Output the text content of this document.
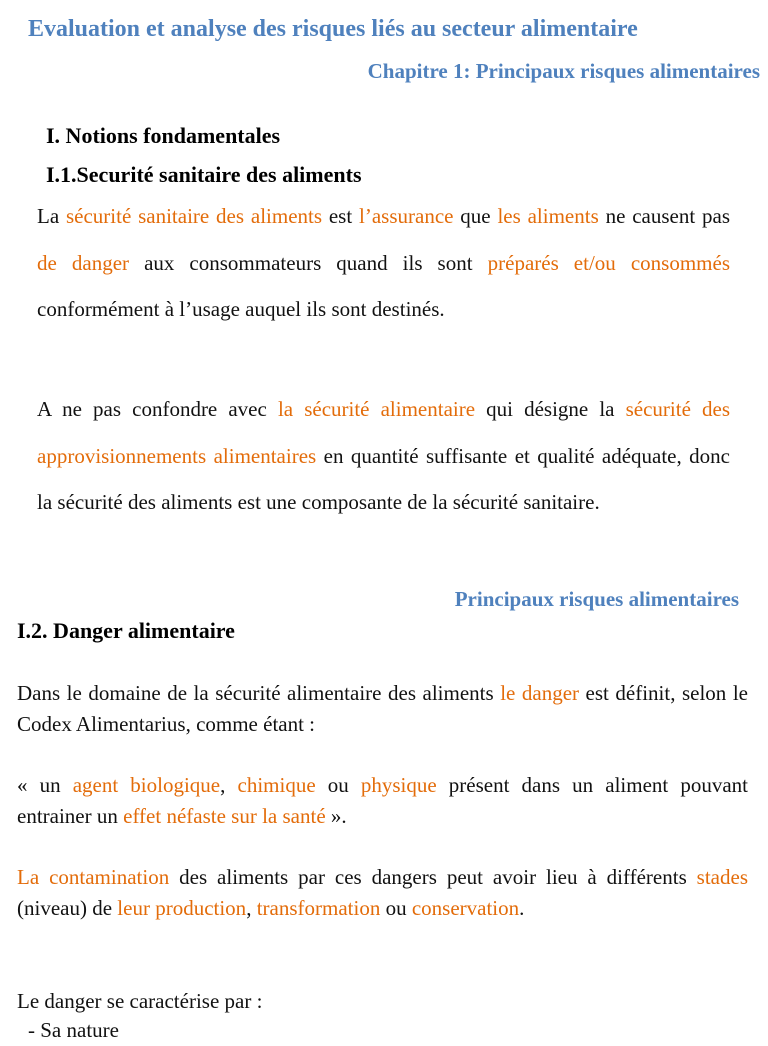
Evaluation et analyse des risques liés au secteur alimentaire
Chapitre 1: Principaux risques alimentaires
I. Notions fondamentales
I.1.Securité sanitaire des aliments

La sécurité sanitaire des aliments est l’assurance que les aliments ne causent pas de danger aux consommateurs quand ils sont préparés et/ou consommés conformément à l’usage auquel ils sont destinés.

A ne pas confondre avec la sécurité alimentaire qui désigne la sécurité des approvisionnements alimentaires en quantité suffisante et qualité adéquate, donc la sécurité des aliments est une composante de la sécurité sanitaire.

Principaux risques alimentaires
I.2. Danger alimentaire

Dans le domaine de la sécurité alimentaire des aliments le danger est définit, selon le Codex Alimentarius, comme étant :

« un agent biologique, chimique ou physique présent dans un aliment pouvant entrainer un effet néfaste sur la santé ».

La contamination des aliments par ces dangers peut avoir lieu à différents stades (niveau) de leur production, transformation ou conservation.

Le danger se caractérise par :

- Sa nature
